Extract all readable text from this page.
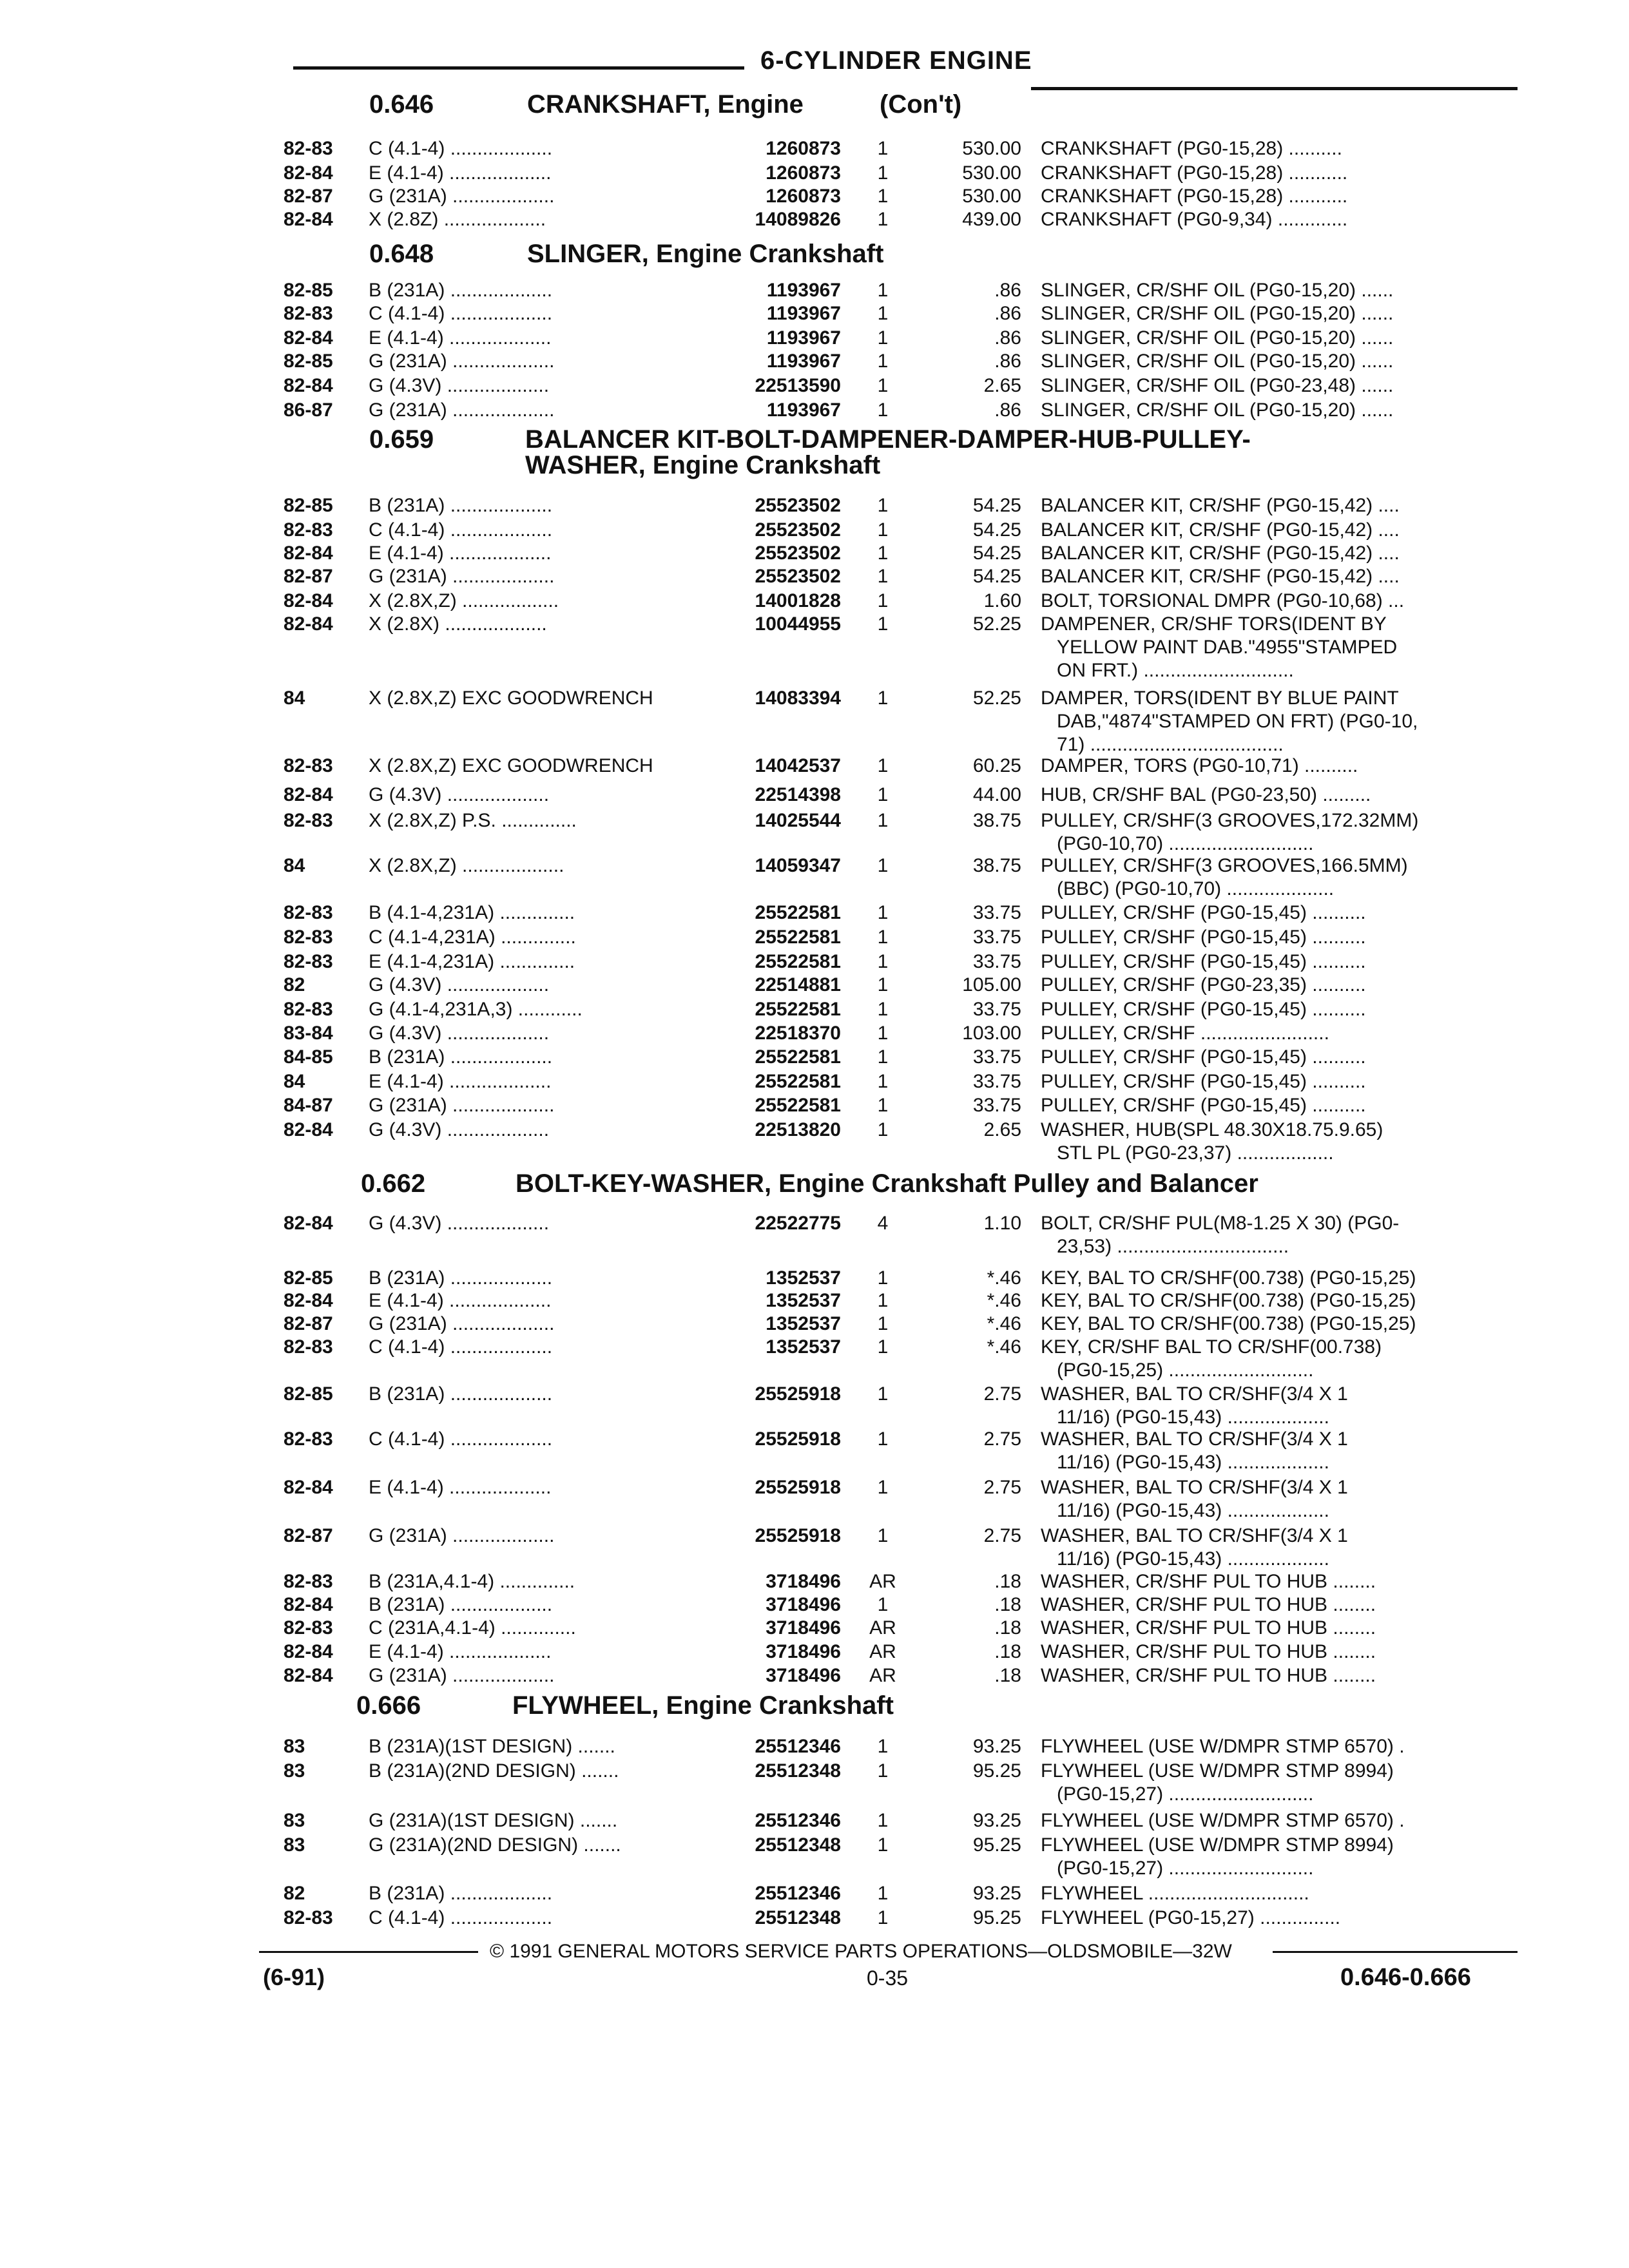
6-CYLINDER ENGINE
0.646	CRANKSHAFT, Engine	(Con't)
0.648	SLINGER, Engine Crankshaft
0.659	BALANCER KIT-BOLT-DAMPENER-DAMPER-HUB-PULLEY-
WASHER, Engine Crankshaft
0.662	BOLT-KEY-WASHER, Engine Crankshaft Pulley and Balancer
0.666	FLYWHEEL, Engine Crankshaft
82-83	C (4.1-4) ...................	1260873	1	530.00 CRANKSHAFT (PG0-15,28) ..........
82-84	E (4.1-4) ...................	1260873	1	530.00 CRANKSHAFT (PG0-15,28) ...........
82-87	G (231A) ...................	1260873	1	530.00 CRANKSHAFT (PG0-15,28) ...........
82-84	X (2.8Z) ...................	14089826	1	439.00 CRANKSHAFT (PG0-9,34) .............
82-85	B (231A) ...................	1193967	1	.86 SLINGER, CR/SHF OIL (PG0-15,20) ......
82-83	C (4.1-4) ...................	1193967	1	.86 SLINGER, CR/SHF OIL (PG0-15,20) ......
82-84	E (4.1-4) ...................	1193967	1	.86 SLINGER, CR/SHF OIL (PG0-15,20) ......
82-85	G (231A) ...................	1193967	1	.86 SLINGER, CR/SHF OIL (PG0-15,20) ......
82-84	G (4.3V) ...................	22513590	1	2.65 SLINGER, CR/SHF OIL (PG0-23,48) ......
86-87	G (231A) ...................	1193967	1	.86 SLINGER, CR/SHF OIL (PG0-15,20) ......
82-85	B (231A) ...................	25523502	1	54.25 BALANCER KIT, CR/SHF (PG0-15,42) ....
82-83	C (4.1-4) ...................	25523502	1	54.25 BALANCER KIT, CR/SHF (PG0-15,42) ....
82-84	E (4.1-4) ...................	25523502	1	54.25 BALANCER KIT, CR/SHF (PG0-15,42) ....
82-87	G (231A) ...................	25523502	1	54.25 BALANCER KIT, CR/SHF (PG0-15,42) ....
82-84	X (2.8X,Z) ..................	14001828	1	1.60 BOLT, TORSIONAL DMPR (PG0-10,68) ...
82-84	X (2.8X) ...................	10044955	1	52.25 DAMPENER, CR/SHF TORS(IDENT BY
YELLOW PAINT DAB."4955"STAMPED
ON FRT.) ............................
84	X (2.8X,Z) EXC GOODWRENCH	14083394	1	52.25 DAMPER, TORS(IDENT BY BLUE PAINT
DAB,"4874"STAMPED ON FRT) (PG0-10,
71) ....................................
82-83	X (2.8X,Z) EXC GOODWRENCH	14042537	1	60.25 DAMPER, TORS (PG0-10,71) ..........
82-84	G (4.3V) ...................	22514398	1	44.00 HUB, CR/SHF BAL (PG0-23,50) .........
82-83	X (2.8X,Z) P.S. ..............	14025544	1	38.75 PULLEY, CR/SHF(3 GROOVES,172.32MM)
(PG0-10,70) ...........................
84	X (2.8X,Z) ...................	14059347	1	38.75 PULLEY, CR/SHF(3 GROOVES,166.5MM)
(BBC) (PG0-10,70) ....................
82-83	B (4.1-4,231A) ..............	25522581	1	33.75 PULLEY, CR/SHF (PG0-15,45) ..........
82-83	C (4.1-4,231A) ..............	25522581	1	33.75 PULLEY, CR/SHF (PG0-15,45) ..........
82-83	E (4.1-4,231A) ..............	25522581	1	33.75 PULLEY, CR/SHF (PG0-15,45) ..........
82	G (4.3V) ...................	22514881	1	105.00 PULLEY, CR/SHF (PG0-23,35) ..........
82-83	G (4.1-4,231A,3) ............	25522581	1	33.75 PULLEY, CR/SHF (PG0-15,45) ..........
83-84	G (4.3V) ...................	22518370	1	103.00 PULLEY, CR/SHF ........................
84-85	B (231A) ...................	25522581	1	33.75 PULLEY, CR/SHF (PG0-15,45) ..........
84	E (4.1-4) ...................	25522581	1	33.75 PULLEY, CR/SHF (PG0-15,45) ..........
84-87	G (231A) ...................	25522581	1	33.75 PULLEY, CR/SHF (PG0-15,45) ..........
82-84	G (4.3V) ...................	22513820	1	2.65 WASHER, HUB(SPL 48.30X18.75.9.65)
STL PL (PG0-23,37) ..................
82-84	G (4.3V) ...................	22522775	4	1.10 BOLT, CR/SHF PUL(M8-1.25 X 30) (PG0-
23,53) ................................
82-85	B (231A) ...................	1352537	1	*.46 KEY, BAL TO CR/SHF(00.738) (PG0-15,25)
82-84	E (4.1-4) ...................	1352537	1	*.46 KEY, BAL TO CR/SHF(00.738) (PG0-15,25)
82-87	G (231A) ...................	1352537	1	*.46 KEY, BAL TO CR/SHF(00.738) (PG0-15,25)
82-83	C (4.1-4) ...................	1352537	1	*.46 KEY, CR/SHF BAL TO CR/SHF(00.738)
(PG0-15,25) ...........................
82-85	B (231A) ...................	25525918	1	2.75 WASHER, BAL TO CR/SHF(3/4 X 1
11/16) (PG0-15,43) ...................
82-83	C (4.1-4) ...................	25525918	1	2.75 WASHER, BAL TO CR/SHF(3/4 X 1
11/16) (PG0-15,43) ...................
82-84	E (4.1-4) ...................	25525918	1	2.75 WASHER, BAL TO CR/SHF(3/4 X 1
11/16) (PG0-15,43) ...................
82-87	G (231A) ...................	25525918	1	2.75 WASHER, BAL TO CR/SHF(3/4 X 1
11/16) (PG0-15,43) ...................
82-83	B (231A,4.1-4) ..............	3718496	AR	.18 WASHER, CR/SHF PUL TO HUB ........
82-84	B (231A) ...................	3718496	1	.18 WASHER, CR/SHF PUL TO HUB ........
82-83	C (231A,4.1-4) ..............	3718496	AR	.18 WASHER, CR/SHF PUL TO HUB ........
82-84	E (4.1-4) ...................	3718496	AR	.18 WASHER, CR/SHF PUL TO HUB ........
82-84	G (231A) ...................	3718496	AR	.18 WASHER, CR/SHF PUL TO HUB ........
83	B (231A)(1ST DESIGN) .......	25512346	1	93.25 FLYWHEEL (USE W/DMPR STMP 6570) .
83	B (231A)(2ND DESIGN) .......	25512348	1	95.25 FLYWHEEL (USE W/DMPR STMP 8994)
(PG0-15,27) ...........................
83	G (231A)(1ST DESIGN) .......	25512346	1	93.25 FLYWHEEL (USE W/DMPR STMP 6570) .
83	G (231A)(2ND DESIGN) .......	25512348	1	95.25 FLYWHEEL (USE W/DMPR STMP 8994)
(PG0-15,27) ...........................
82	B (231A) ...................	25512346	1	93.25 FLYWHEEL ..............................
82-83	C (4.1-4) ...................	25512348	1	95.25 FLYWHEEL (PG0-15,27) ...............
© 1991 GENERAL MOTORS SERVICE PARTS OPERATIONS—OLDSMOBILE—32W
(6-91)	0-35	0.646-0.666
